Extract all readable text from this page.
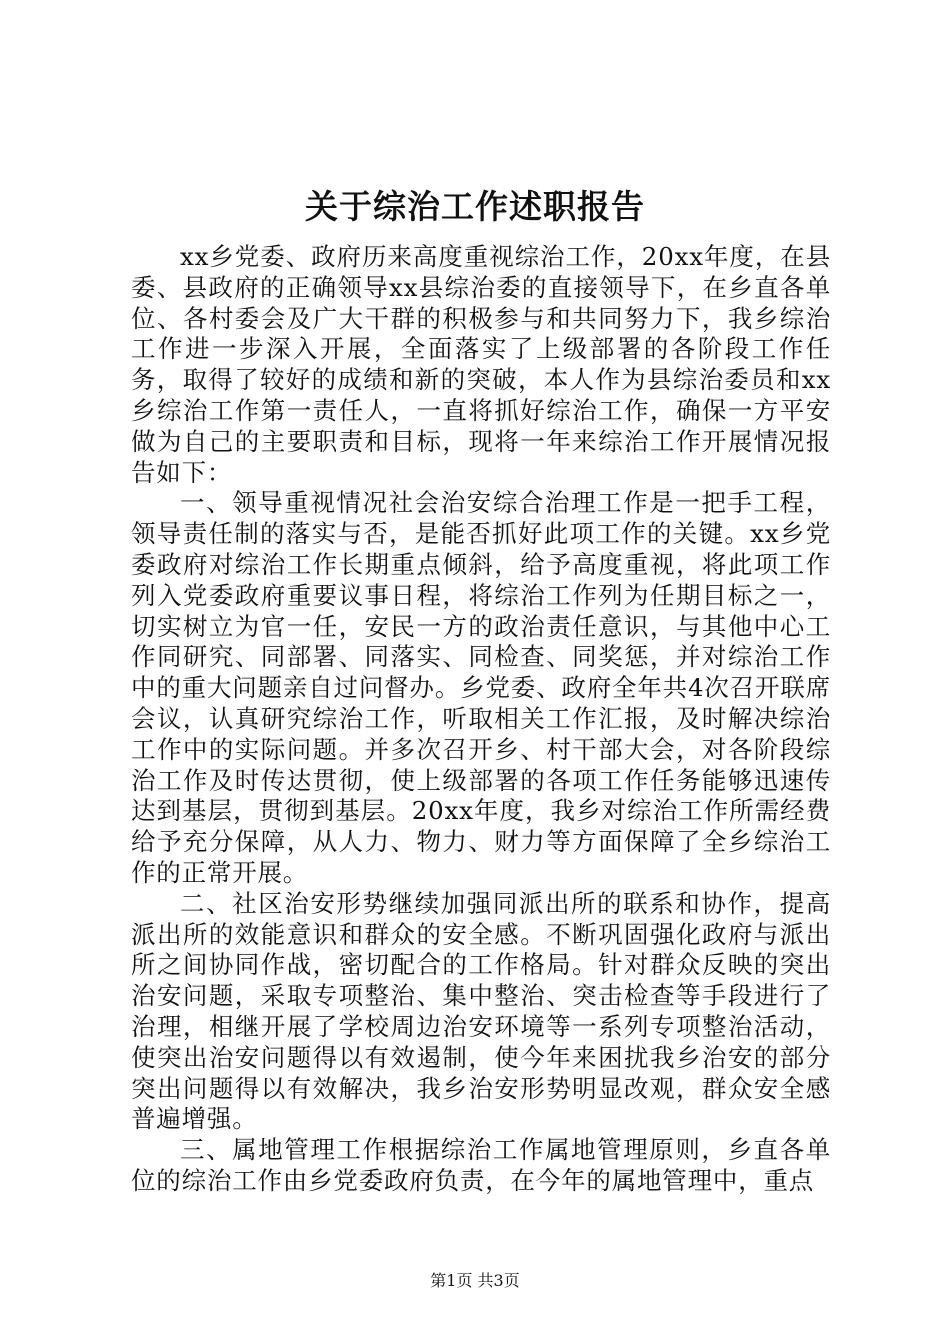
关于综治工作述职报告

xx乡党委、政府历来高度重视综治工作，20xx年度，在县委、县政府的正确领导xx县综治委的直接领导下，在乡直各单位、各村委会及广大干群的积极参与和共同努力下，我乡综治工作进一步深入开展，全面落实了上级部署的各阶段工作任务，取得了较好的成绩和新的突破，本人作为县综治委员和xx乡综治工作第一责任人，一直将抓好综治工作，确保一方平安做为自己的主要职责和目标，现将一年来综治工作开展情况报告如下：

一、领导重视情况社会治安综合治理工作是一把手工程，领导责任制的落实与否，是能否抓好此项工作的关键。xx乡党委政府对综治工作长期重点倾斜，给予高度重视，将此项工作列入党委政府重要议事日程，将综治工作列为任期目标之一，切实树立为官一任，安民一方的政治责任意识，与其他中心工作同研究、同部署、同落实、同检查、同奖惩，并对综治工作中的重大问题亲自过问督办。乡党委、政府全年共4次召开联席会议，认真研究综治工作，听取相关工作汇报，及时解决综治工作中的实际问题。并多次召开乡、村干部大会，对各阶段综治工作及时传达贯彻，使上级部署的各项工作任务能够迅速传达到基层，贯彻到基层。20xx年度，我乡对综治工作所需经费给予充分保障，从人力、物力、财力等方面保障了全乡综治工作的正常开展。

二、社区治安形势继续加强同派出所的联系和协作，提高派出所的效能意识和群众的安全感。不断巩固强化政府与派出所之间协同作战，密切配合的工作格局。针对群众反映的突出治安问题，采取专项整治、集中整治、突击检查等手段进行了治理，相继开展了学校周边治安环境等一系列专项整治活动，使突出治安问题得以有效遏制，使今年来困扰我乡治安的部分突出问题得以有效解决，我乡治安形势明显改观，群众安全感普遍增强。

三、属地管理工作根据综治工作属地管理原则，乡直各单位的综治工作由乡党委政府负责，在今年的属地管理中，重点

第1页 共3页
